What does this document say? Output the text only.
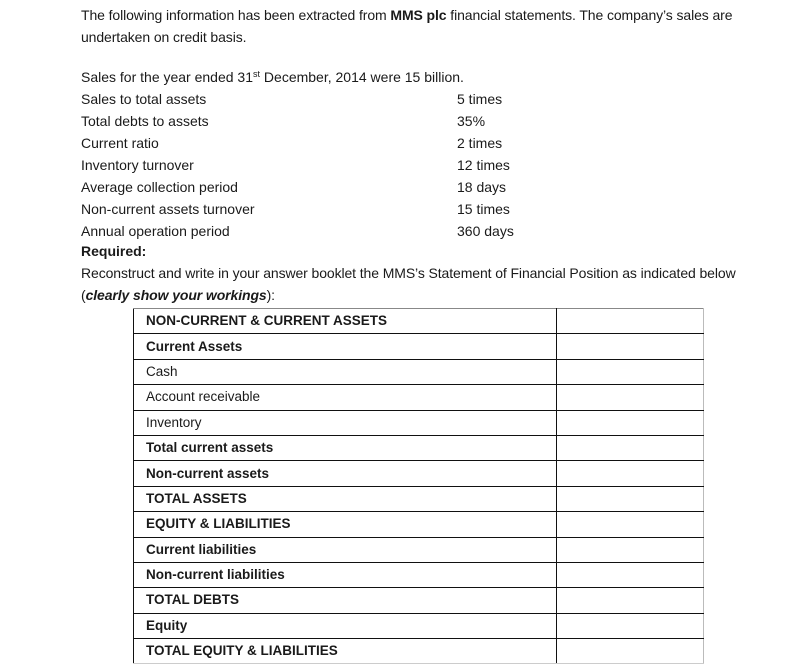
The following information has been extracted from MMS plc financial statements. The company’s sales are undertaken on credit basis.
Sales for the year ended 31st December, 2014 were 15 billion.
Sales to total assets	5 times
Total debts to assets	35%
Current ratio	2 times
Inventory turnover	12 times
Average collection period	18 days
Non-current assets turnover	15 times
Annual operation period	360 days
Required:
Reconstruct and write in your answer booklet the MMS’s Statement of Financial Position as indicated below (clearly show your workings):
NON-CURRENT & CURRENT ASSETS	
Current Assets	
Cash	
Account receivable	
Inventory	
Total current assets	
Non-current assets	
TOTAL ASSETS	
EQUITY & LIABILITIES	
Current liabilities	
Non-current liabilities	
TOTAL DEBTS	
Equity	
TOTAL EQUITY & LIABILITIES	
